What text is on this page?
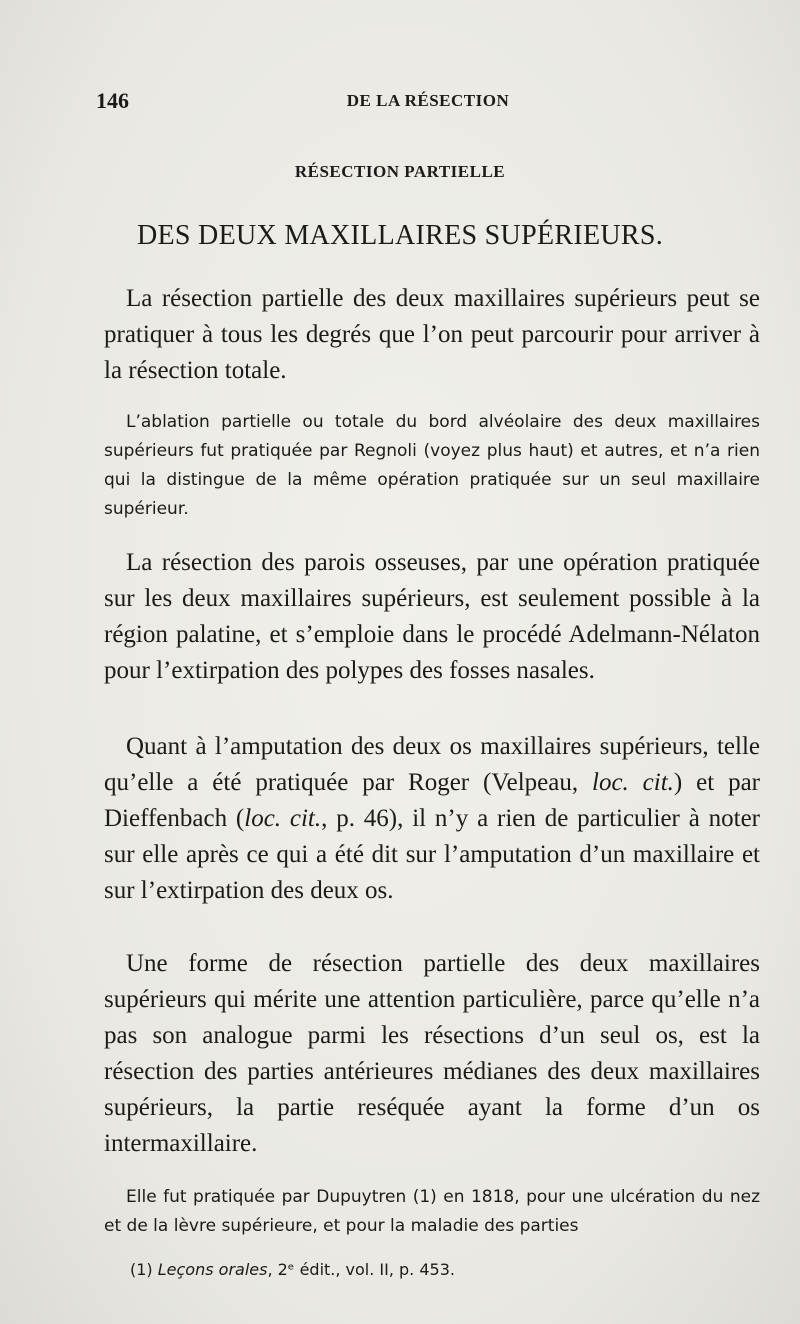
146	DE LA RÉSECTION
RÉSECTION PARTIELLE
DES DEUX MAXILLAIRES SUPÉRIEURS.

La résection partielle des deux maxillaires supérieurs peut se pratiquer à tous les degrés que l’on peut parcourir pour arriver à la résection totale.

L’ablation partielle ou totale du bord alvéolaire des deux maxillaires supérieurs fut pratiquée par Regnoli (voyez plus haut) et autres, et n’a rien qui la distingue de la même opération pratiquée sur un seul maxillaire supérieur.

La résection des parois osseuses, par une opération pratiquée sur les deux maxillaires supérieurs, est seulement possible à la région palatine, et s’emploie dans le procédé Adelmann-Nélaton pour l’extirpation des polypes des fosses nasales.

Quant à l’amputation des deux os maxillaires supérieurs, telle qu’elle a été pratiquée par Roger (Velpeau, loc. cit.) et par Dieffenbach (loc. cit., p. 46), il n’y a rien de particulier à noter sur elle après ce qui a été dit sur l’amputation d’un maxillaire et sur l’extirpation des deux os.

Une forme de résection partielle des deux maxillaires supérieurs qui mérite une attention particulière, parce qu’elle n’a pas son analogue parmi les résections d’un seul os, est la résection des parties antérieures médianes des deux maxillaires supérieurs, la partie reséquée ayant la forme d’un os intermaxillaire.

Elle fut pratiquée par Dupuytren (1) en 1818, pour une ulcération du nez et de la lèvre supérieure, et pour la maladie des parties

(1) Leçons orales, 2ᵉ édit., vol. II, p. 453.
